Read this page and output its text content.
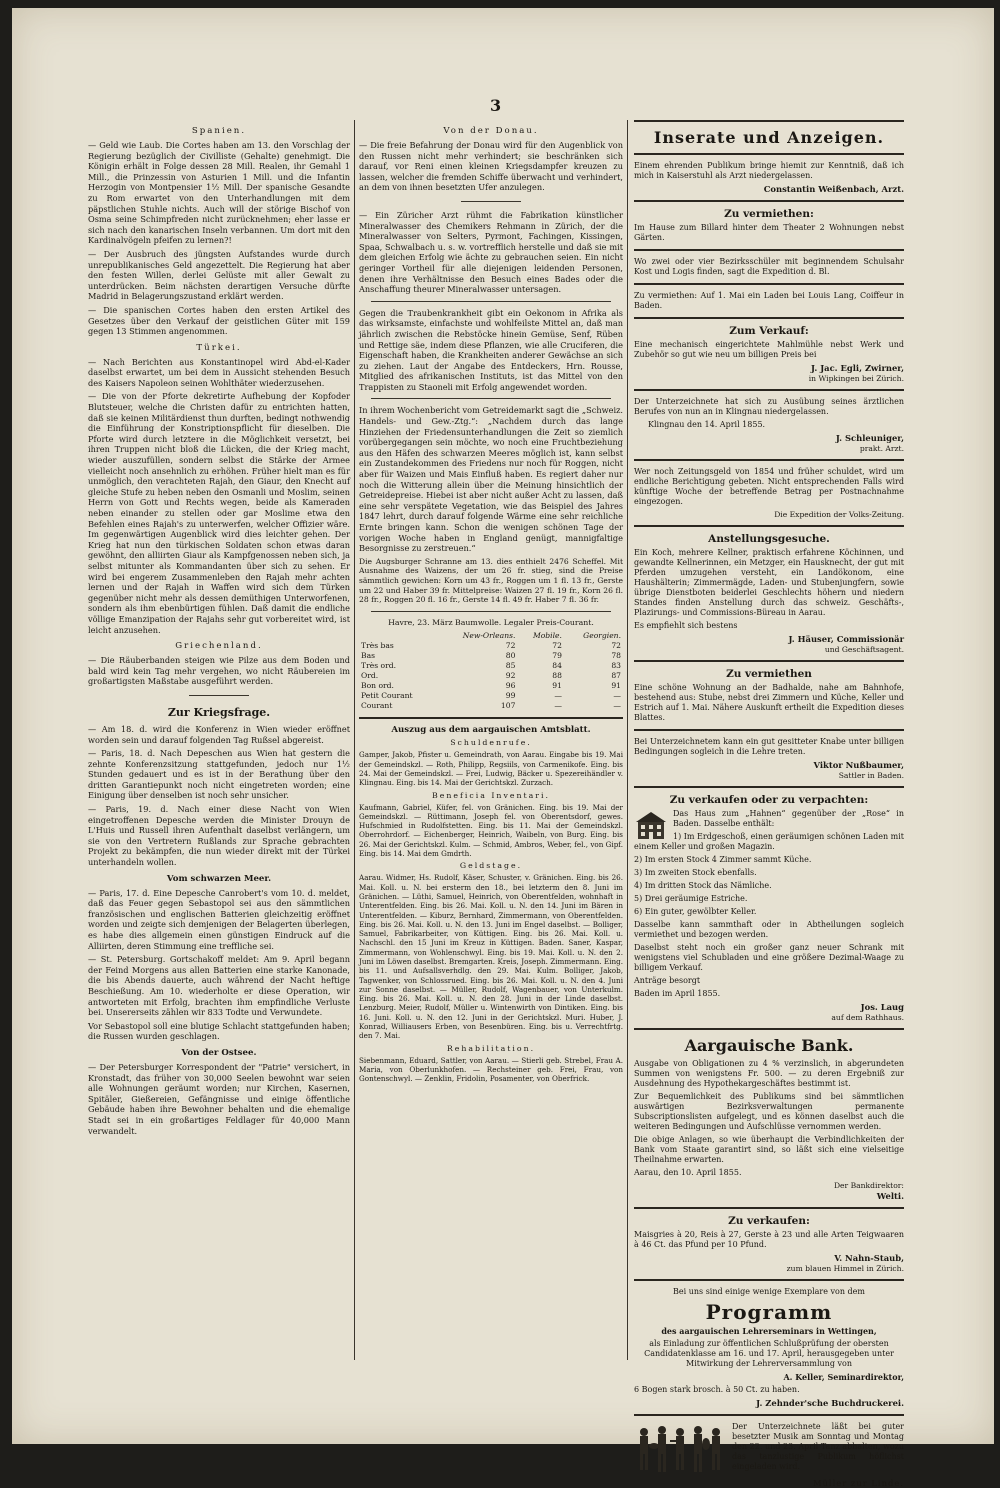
3
Spanien.

— Geld wie Laub. Die Cortes haben am 13. den Vorschlag der Regierung bezüglich der Civilliste (Gehalte) genehmigt. Die Königin erhält in Folge dessen 28 Mill. Realen, ihr Gemahl 1 Mill., die Prinzessin von Asturien 1 Mill. und die Infantin Herzogin von Montpensier 1½ Mill. Der spanische Gesandte zu Rom erwartet von den Unterhandlungen mit dem päpstlichen Stuhle nichts. Auch will der störige Bischof von Osma seine Schimpfreden nicht zurücknehmen; eher lasse er sich nach den kanarischen Inseln verbannen. Um dort mit den Kardinalvögeln pfeifen zu lernen?!

— Der Ausbruch des jüngsten Aufstandes wurde durch unrepublikanisches Geld angezettelt. Die Regierung hat aber den festen Willen, derlei Gelüste mit aller Gewalt zu unterdrücken. Beim nächsten derartigen Versuche dürfte Madrid in Belagerungszustand erklärt werden.

— Die spanischen Cortes haben den ersten Artikel des Gesetzes über den Verkauf der geistlichen Güter mit 159 gegen 13 Stimmen angenommen.

Türkei.

— Nach Berichten aus Konstantinopel wird Abd-el-Kader daselbst erwartet, um bei dem in Aussicht stehenden Besuch des Kaisers Napoleon seinen Wohlthäter wiederzusehen.

— Die von der Pforte dekretirte Aufhebung der Kopfoder Blutsteuer, welche die Christen dafür zu entrichten hatten, daß sie keinen Militärdienst thun durften, bedingt nothwendig die Einführung der Konstriptionspflicht für dieselben. Die Pforte wird durch letztere in die Möglichkeit versetzt, bei ihren Truppen nicht bloß die Lücken, die der Krieg macht, wieder auszufüllen, sondern selbst die Stärke der Armee vielleicht noch ansehnlich zu erhöhen. Früher hielt man es für unmöglich, den verachteten Rajah, den Giaur, den Knecht auf gleiche Stufe zu heben neben den Osmanli und Moslim, seinen Herrn von Gott und Rechts wegen, beide als Kameraden neben einander zu stellen oder gar Moslime etwa den Befehlen eines Rajah's zu unterwerfen, welcher Offizier wäre. Im gegenwärtigen Augenblick wird dies leichter gehen. Der Krieg hat nun den türkischen Soldaten schon etwas daran gewöhnt, den alliirten Giaur als Kampfgenossen neben sich, ja selbst mitunter als Kommandanten über sich zu sehen. Er wird bei engerem Zusammenleben den Rajah mehr achten lernen und der Rajah in Waffen wird sich dem Türken gegenüber nicht mehr als dessen demüthigen Unterworfenen, sondern als ihm ebenbürtigen fühlen. Daß damit die endliche völlige Emanzipation der Rajahs sehr gut vorbereitet wird, ist leicht anzusehen.

Griechenland.

— Die Räuberbanden steigen wie Pilze aus dem Boden und bald wird kein Tag mehr vergehen, wo nicht Räubereien im großartigsten Maßstabe ausgeführt werden.

Zur Kriegsfrage.

— Am 18. d. wird die Konferenz in Wien wieder eröffnet worden sein und darauf folgenden Tag Rußsel abgereist.

— Paris, 18. d. Nach Depeschen aus Wien hat gestern die zehnte Konferenzsitzung stattgefunden, jedoch nur 1½ Stunden gedauert und es ist in der Berathung über den dritten Garantiepunkt noch nicht eingetreten worden; eine Einigung über denselben ist noch sehr unsicher.

— Paris, 19. d. Nach einer diese Nacht von Wien eingetroffenen Depesche werden die Minister Drouyn de L'Huis und Russell ihren Aufenthalt daselbst verlängern, um sie von den Vertretern Rußlands zur Sprache gebrachten Projekt zu bekämpfen, die nun wieder direkt mit der Türkei unterhandeln wollen.

Vom schwarzen Meer.

— Paris, 17. d. Eine Depesche Canrobert's vom 10. d. meldet, daß das Feuer gegen Sebastopol sei aus den sämmtlichen französischen und englischen Batterien gleichzeitig eröffnet worden und zeigte sich demjenigen der Belagerten überlegen, es habe dies allgemein einen günstigen Eindruck auf die Alliirten, deren Stimmung eine treffliche sei.

— St. Petersburg. Gortschakoff meldet: Am 9. April begann der Feind Morgens aus allen Batterien eine starke Kanonade, die bis Abends dauerte, auch während der Nacht heftige Beschießung. Am 10. wiederholte er diese Operation, wir antworteten mit Erfolg, brachten ihm empfindliche Verluste bei. Unsererseits zählen wir 833 Todte und Verwundete.

Vor Sebastopol soll eine blutige Schlacht stattgefunden haben; die Russen wurden geschlagen.

Von der Ostsee.

— Der Petersburger Korrespondent der "Patrie" versichert, in Kronstadt, das früher von 30,000 Seelen bewohnt war seien alle Wohnungen geräumt worden; nur Kirchen, Kasernen, Spitäler, Gießereien, Gefängnisse und einige öffentliche Gebäude haben ihre Bewohner behalten und die ehemalige Stadt sei in ein großartiges Feldlager für 40,000 Mann verwandelt.

Von der Donau.

— Die freie Befahrung der Donau wird für den Augenblick von den Russen nicht mehr verhindert; sie beschränken sich darauf, vor Reni einen kleinen Kriegsdampfer kreuzen zu lassen, welcher die fremden Schiffe überwacht und verhindert, an dem von ihnen besetzten Ufer anzulegen.

— Ein Züricher Arzt rühmt die Fabrikation künstlicher Mineralwasser des Chemikers Rehmann in Zürich, der die Mineralwasser von Selters, Pyrmont, Fachingen, Kissingen, Spaa, Schwalbach u. s. w. vortrefflich herstelle und daß sie mit dem gleichen Erfolg wie ächte zu gebrauchen seien. Ein nicht geringer Vortheil für alle diejenigen leidenden Personen, denen ihre Verhältnisse den Besuch eines Bades oder die Anschaffung theurer Mineralwasser untersagen.

Gegen die Traubenkrankheit gibt ein Oekonom in Afrika als das wirksamste, einfachste und wohlfeilste Mittel an, daß man jährlich zwischen die Rebstöcke hinein Gemüse, Senf, Rüben und Rettige säe, indem diese Pflanzen, wie alle Cruciferen, die Eigenschaft haben, die Krankheiten anderer Gewächse an sich zu ziehen. Laut der Angabe des Entdeckers, Hrn. Rousse, Mitglied des afrikanischen Instituts, ist das Mittel von den Trappisten zu Staoneli mit Erfolg angewendet worden.

In ihrem Wochenbericht vom Getreidemarkt sagt die „Schweiz. Handels- und Gew.-Ztg.“: „Nachdem durch das lange Hinziehen der Friedensunterhandlungen die Zeit so ziemlich vorübergegangen sein möchte, wo noch eine Fruchtbeziehung aus den Häfen des schwarzen Meeres möglich ist, kann selbst ein Zustandekommen des Friedens nur noch für Roggen, nicht aber für Waizen und Mais Einfluß haben. Es regiert daher nur noch die Witterung allein über die Meinung hinsichtlich der Getreidepreise. Hiebei ist aber nicht außer Acht zu lassen, daß eine sehr verspätete Vegetation, wie das Beispiel des Jahres 1847 lehrt, durch darauf folgende Wärme eine sehr reichliche Ernte bringen kann. Schon die wenigen schönen Tage der vorigen Woche haben in England genügt, mannigfaltige Besorgnisse zu zerstreuen.“

Die Augsburger Schranne am 13. dies enthielt 2476 Scheffel. Mit Ausnahme des Waizens, der um 26 fr. stieg, sind die Preise sämmtlich gewichen: Korn um 43 fr., Roggen um 1 fl. 13 fr., Gerste um 22 und Haber 39 fr. Mittelpreise: Waizen 27 fl. 19 fr., Korn 26 fl. 28 fr., Roggen 20 fl. 16 fr., Gerste 14 fl. 49 fr. Haber 7 fl. 36 fr.

Havre, 23. März Baumwolle. Legaler Preis-Courant.

	New-Orleans.	Mobile.	Georgien.
Très bas	72	72	72
Bas	80	79	78
Très ord.	85	84	83
Ord.	92	88	87
Bon ord.	96	91	91
Petit Courant	99	—	—
Courant	107	—	—
Auszug aus dem aargauischen Amtsblatt.
Schuldenrufe.

Gamper, Jakob, Pfister u. Gemeindrath, von Aarau. Eingabe bis 19. Mai der Gemeindskzl. — Roth, Philipp, Regsiils, von Carmenikofe. Eing. bis 24. Mai der Gemeindskzl. — Frei, Ludwig, Bäcker u. Spezereihändler v. Klingnau. Eing. bis 14. Mai der Gerichtskzl. Zurzach.

Beneficia Inventari.

Kaufmann, Gabriel, Küfer, fel. von Gränichen. Eing. bis 19. Mai der Gemeindskzl. — Rüttimann, Joseph fel. von Oberentsdorf, gewes. Hufschmied in Rudolfstetten. Eing. bis 11. Mai der Gemeindskzl. Oberrohrdorf. — Eichenberger, Heinrich, Waibeln, von Burg. Eing. bis 26. Mai der Gerichtskzl. Kulm. — Schmid, Ambros, Weber, fel., von Gipf. Eing. bis 14. Mai dem Gmdrth.

Geldstage.

Aarau. Widmer, Hs. Rudolf, Käser, Schuster, v. Gränichen. Eing. bis 26. Mai. Koll. u. N. bei ersterm den 18., bei letzterm den 8. Juni im Gränichen. — Lüthi, Samuel, Heinrich, von Oberentfelden, wohnhaft in Unterentfelden. Eing. bis 26. Mai. Koll. u. N. den 14. Juni im Bären in Unterentfelden. — Kiburz, Bernhard, Zimmermann, von Oberentfelden. Eing. bis 26. Mai. Koll. u. N. den 13. Juni im Engel daselbst. — Bolliger, Samuel, Fabrikarbeiter, von Küttigen. Eing. bis 26. Mai. Koll. u. Nachschl. den 15 Juni im Kreuz in Küttigen. Baden. Saner, Kaspar, Zimmermann, von Wohlenschwyl. Eing. bis 19. Mai. Koll. u. N. den 2. Juni im Löwen daselbst. Bremgarten. Kreis, Joseph. Zimmermann. Eing. bis 11. und Aufsallsverhdlg. den 29. Mai. Kulm. Bolliger, Jakob, Tagwenker, von Schlossrued. Eing. bis 26. Mai. Koll. u. N. den 4. Juni zur Sonne daselbst. — Müller, Rudolf, Wagenbauer, von Unterkulm. Eing. bis 26. Mai. Koll. u. N. den 28. Juni in der Linde daselbst. Lenzburg. Meier, Rudolf, Müller u. Wintenwirth von Dintiken. Eing. bis 16. Juni. Koll. u. N. den 12. Juni in der Gerichtskzl. Muri. Huber, J. Konrad, Williausers Erben, von Besenbüren. Eing. bis u. Verrechtfrtg. den 7. Mai.

Rehabilitation.

Siebenmann, Eduard, Sattler, von Aarau. — Stierli geb. Strebel, Frau A. Maria, von Oberlunkhofen. — Rechsteiner geb. Frei, Frau, von Gontenschwyl. — Zenklin, Fridolin, Posamenter, von Oberfrick.

Inserate und Anzeigen.

Einem ehrenden Publikum bringe hiemit zur Kenntniß, daß ich mich in Kaiserstuhl als Arzt niedergelassen.

Constantin Weißenbach, Arzt.
Zu vermiethen:

Im Hause zum Billard hinter dem Theater 2 Wohnungen nebst Gärten.

Wo zwei oder vier Bezirksschüler mit beginnendem Schulsahr Kost und Logis finden, sagt die Expedition d. Bl.

Zu vermiethen: Auf 1. Mai ein Laden bei Louis Lang, Coiffeur in Baden.

Zum Verkauf:

Eine mechanisch eingerichtete Mahlmühle nebst Werk und Zubehör so gut wie neu um billigen Preis bei

J. Jac. Egli, Zwirner,
in Wipkingen bei Zürich.

Der Unterzeichnete hat sich zu Ausübung seines ärztlichen Berufes von nun an in Klingnau niedergelassen.

Klingnau den 14. April 1855.

J. Schleuniger,
prakt. Arzt.

Wer noch Zeitungsgeld von 1854 und früher schuldet, wird um endliche Berichtigung gebeten. Nicht entsprechenden Falls wird künftige Woche der betreffende Betrag per Postnachnahme eingezogen.

Die Expedition der Volks-Zeitung.
Anstellungsgesuche.

Ein Koch, mehrere Kellner, praktisch erfahrene Köchinnen, und gewandte Kellnerinnen, ein Metzger, ein Hausknecht, der gut mit Pferden umzugehen versteht, ein Landökonom, eine Haushälterin; Zimmermägde, Laden- und Stubenjungfern, sowie übrige Dienstboten beiderlei Geschlechts höhern und niedern Standes finden Anstellung durch das schweiz. Geschäfts-, Plazirungs- und Commissions-Büreau in Aarau.

Es empfiehlt sich bestens

J. Häuser, Commissionär
und Geschäftsagent.
Zu vermiethen

Eine schöne Wohnung an der Badhalde, nahe am Bahnhofe, bestehend aus: Stube, nebst drei Zimmern und Küche, Keller und Estrich auf 1. Mai. Nähere Auskunft ertheilt die Expedition dieses Blattes.

Bei Unterzeichnetem kann ein gut gesitteter Knabe unter billigen Bedingungen sogleich in die Lehre treten.

Viktor Nußbaumer,
Sattler in Baden.
Zu verkaufen oder zu verpachten:

Das Haus zum „Hahnen“ gegenüber der „Rose“ in Baden. Dasselbe enthält:

1) Im Erdgeschoß, einen geräumigen schönen Laden mit einem Keller und großen Magazin.

2) Im ersten Stock 4 Zimmer sammt Küche.

3) Im zweiten Stock ebenfalls.

4) Im dritten Stock das Nämliche.

5) Drei geräumige Estriche.

6) Ein guter, gewölbter Keller.

Dasselbe kann sammthaft oder in Abtheilungen sogleich vermiethet und bezogen werden.

Daselbst steht noch ein großer ganz neuer Schrank mit wenigstens viel Schubladen und eine größere Dezimal-Waage zu billigem Verkauf.

Anträge besorgt

Baden im April 1855.

Jos. Laug
auf dem Rathhaus.
Aargauische Bank.

Ausgabe von Obligationen zu 4 % verzinslich, in abgerundeten Summen von wenigstens Fr. 500. — zu deren Ergebniß zur Ausdehnung des Hypothekargeschäftes bestimmt ist.

Zur Bequemlichkeit des Publikums sind bei sämmtlichen auswärtigen Bezirksverwaltungen permanente Subscriptionslisten aufgelegt, und es können daselbst auch die weiteren Bedingungen und Aufschlüsse vernommen werden.

Die obige Anlagen, so wie überhaupt die Verbindlichkeiten der Bank vom Staate garantirt sind, so läßt sich eine vielseitige Theilnahme erwarten.

Aarau, den 10. April 1855.

Der Bankdirektor:
Welti.
Zu verkaufen:

Maisgries à 20, Reis à 27, Gerste à 23 und alle Arten Teigwaaren à 46 Ct. das Pfund per 10 Pfund.

V. Nahn-Staub,
zum blauen Himmel in Zürich.

Bei uns sind einige wenige Exemplare von dem

Programm

des aargauischen Lehrerseminars in Wettingen,

als Einladung zur öffentlichen Schlußprüfung der obersten Candidatenklasse am 16. und 17. April, herausgegeben unter Mitwirkung der Lehrerversammlung von

A. Keller, Seminardirektor,

6 Bogen stark brosch. à 50 Ct. zu haben.

J. Zehnder'sche Buchdruckerei.

Der Unterzeichnete läßt bei guter besetzter Musik am Sonntag und Montag den 22. und 23. April Tanz abhalten, wozu das tanzlustige Publikum höflichst eingeladen wird.

Müller zur Linde.
